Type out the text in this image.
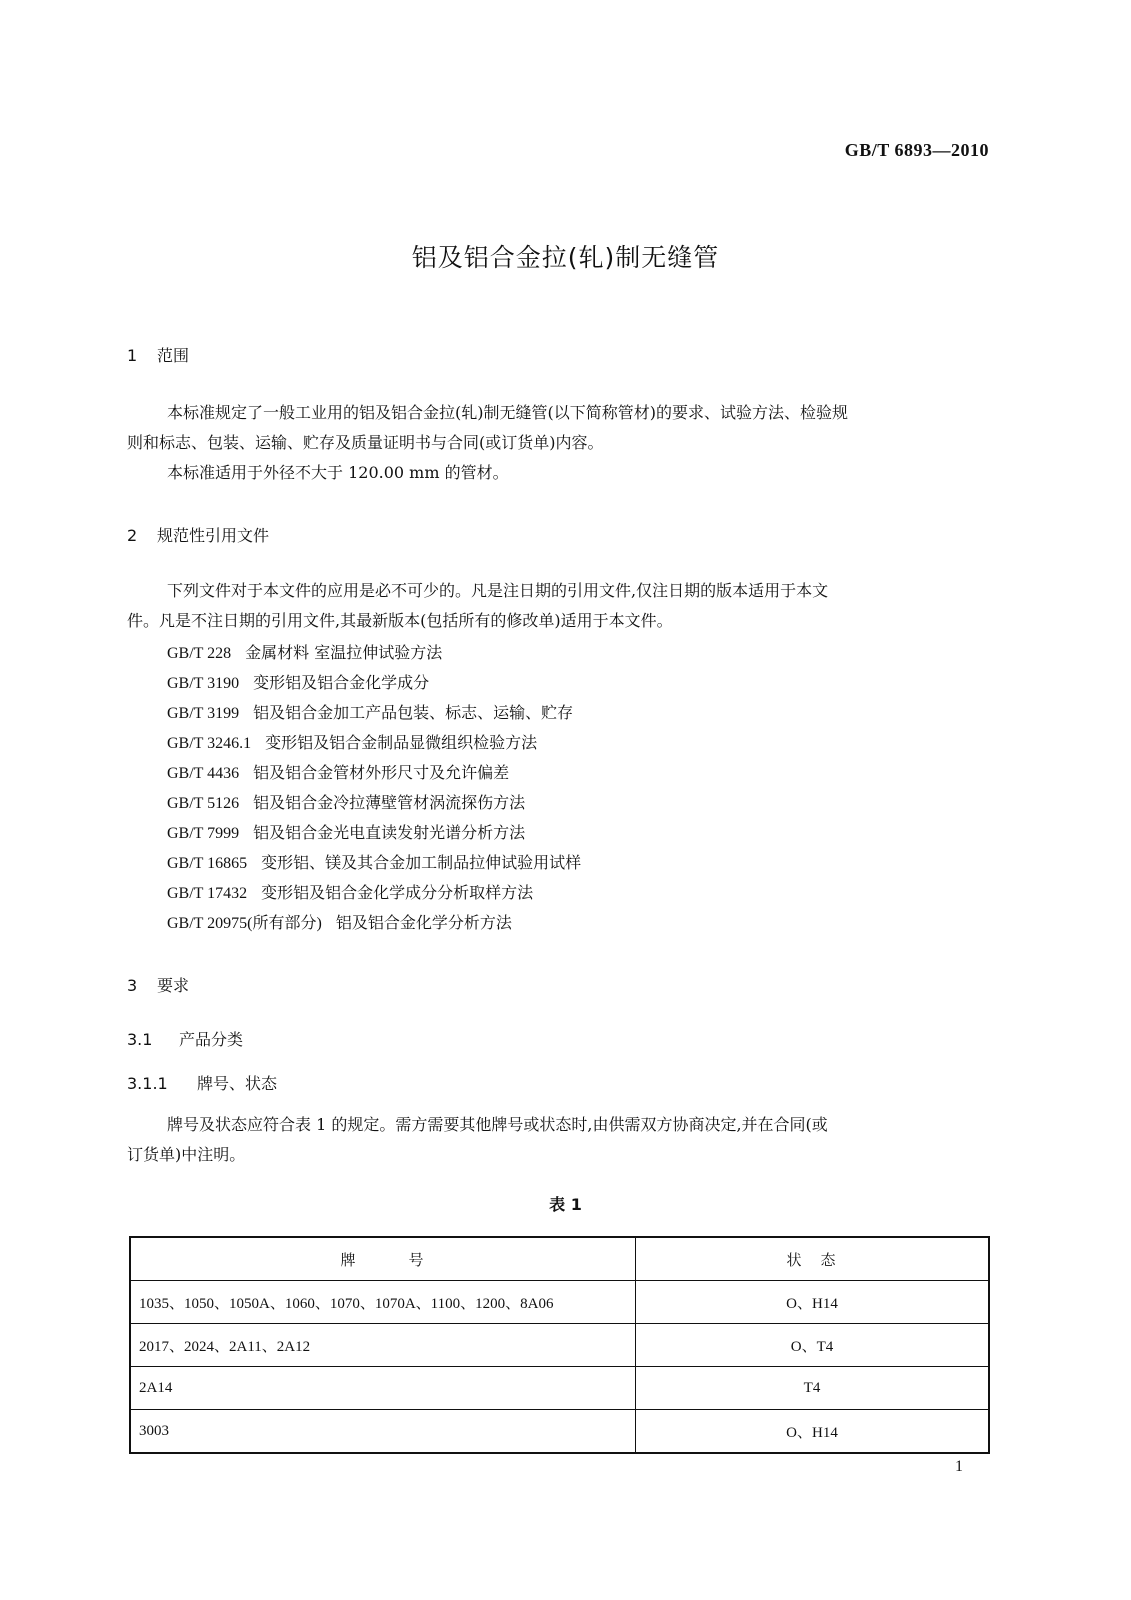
GB/T 6893—2010
铝及铝合金拉(轧)制无缝管
1 范围
本标准规定了一般工业用的铝及铝合金拉(轧)制无缝管(以下简称管材)的要求、试验方法、检验规
则和标志、包装、运输、贮存及质量证明书与合同(或订货单)内容。
本标准适用于外径不大于 120.00 mm 的管材。
2 规范性引用文件
下列文件对于本文件的应用是必不可少的。凡是注日期的引用文件,仅注日期的版本适用于本文
件。凡是不注日期的引用文件,其最新版本(包括所有的修改单)适用于本文件。
GB/T 228 金属材料 室温拉伸试验方法
GB/T 3190 变形铝及铝合金化学成分
GB/T 3199 铝及铝合金加工产品包装、标志、运输、贮存
GB/T 3246.1 变形铝及铝合金制品显微组织检验方法
GB/T 4436 铝及铝合金管材外形尺寸及允许偏差
GB/T 5126 铝及铝合金冷拉薄壁管材涡流探伤方法
GB/T 7999 铝及铝合金光电直读发射光谱分析方法
GB/T 16865 变形铝、镁及其合金加工制品拉伸试验用试样
GB/T 17432 变形铝及铝合金化学成分分析取样方法
GB/T 20975(所有部分) 铝及铝合金化学分析方法
3 要求
3.1 产品分类
3.1.1 牌号、状态
牌号及状态应符合表 1 的规定。需方需要其他牌号或状态时,由供需双方协商决定,并在合同(或
订货单)中注明。
表 1
牌　　　号	状　态
1035、1050、1050A、1060、1070、1070A、1100、1200、8A06	O、H14
2017、2024、2A11、2A12	O、T4
2A14	T4
3003	O、H14
1
